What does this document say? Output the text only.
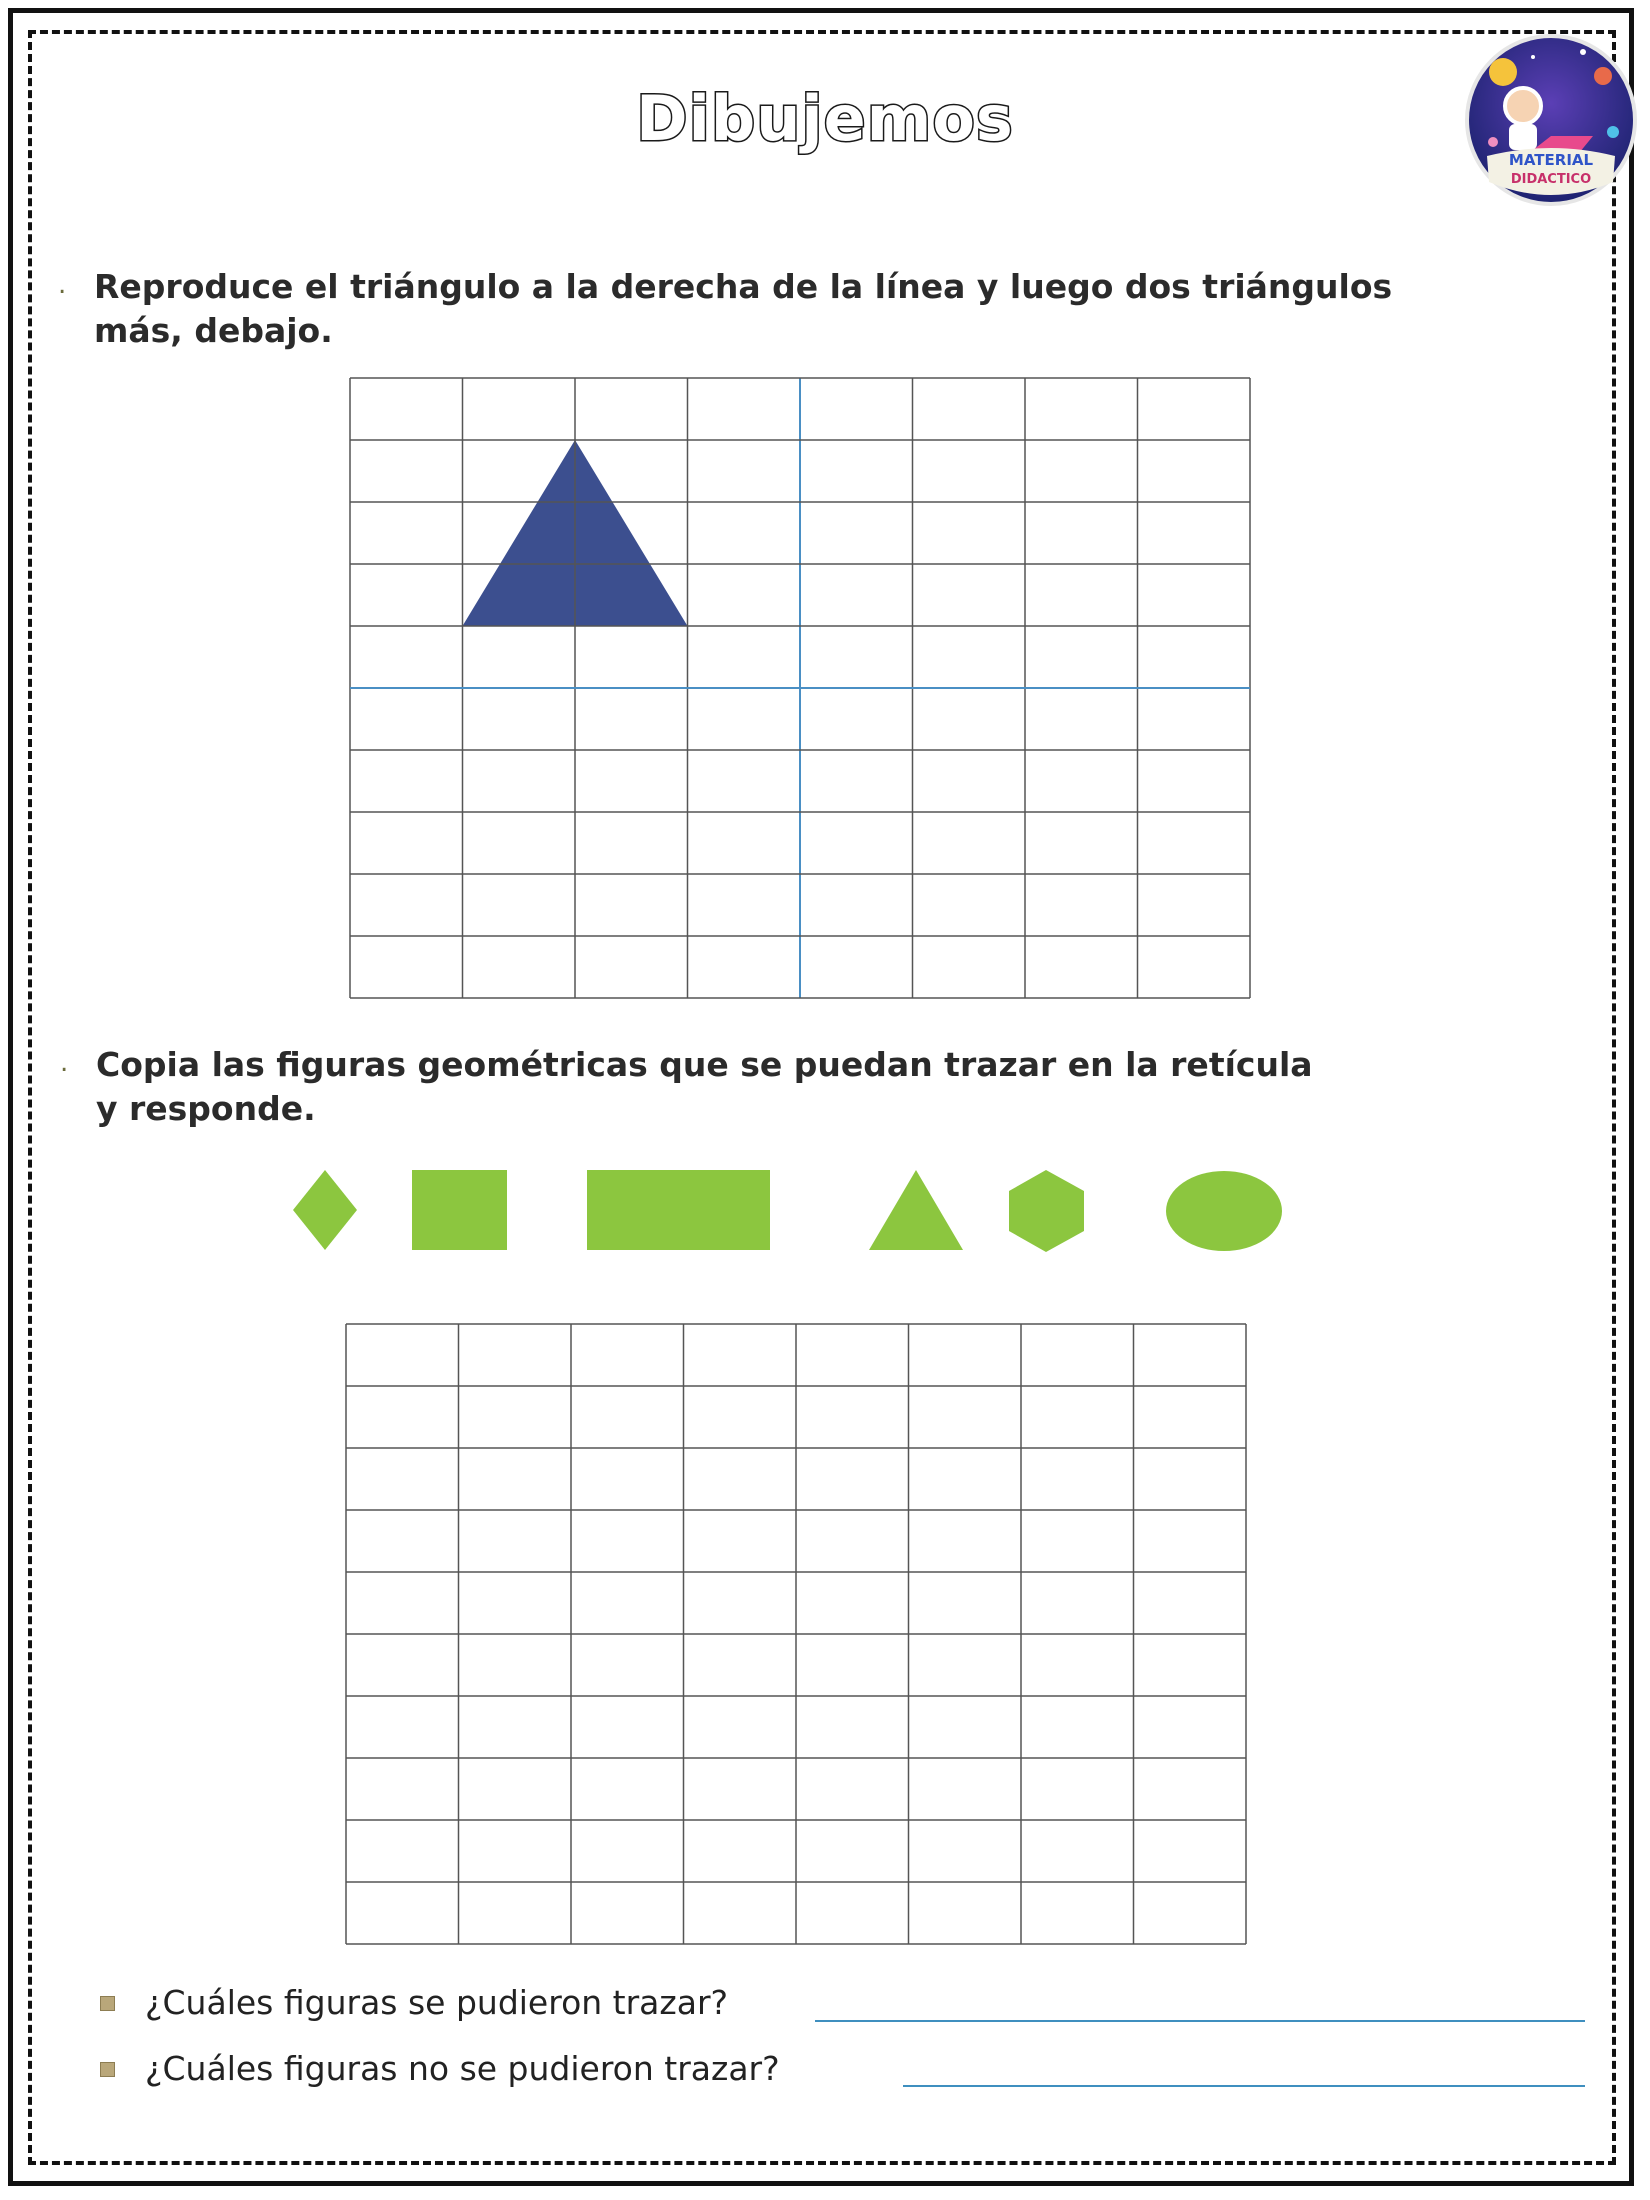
Dibujemos
MATERIAL
DIDACTICO
. Reproduce el triángulo a la derecha de la línea y luego dos triángulos
más, debajo.
. Copia las figuras geométricas que se puedan trazar en la retícula
y responde.
¿Cuáles figuras se pudieron trazar?
¿Cuáles figuras no se pudieron trazar?
